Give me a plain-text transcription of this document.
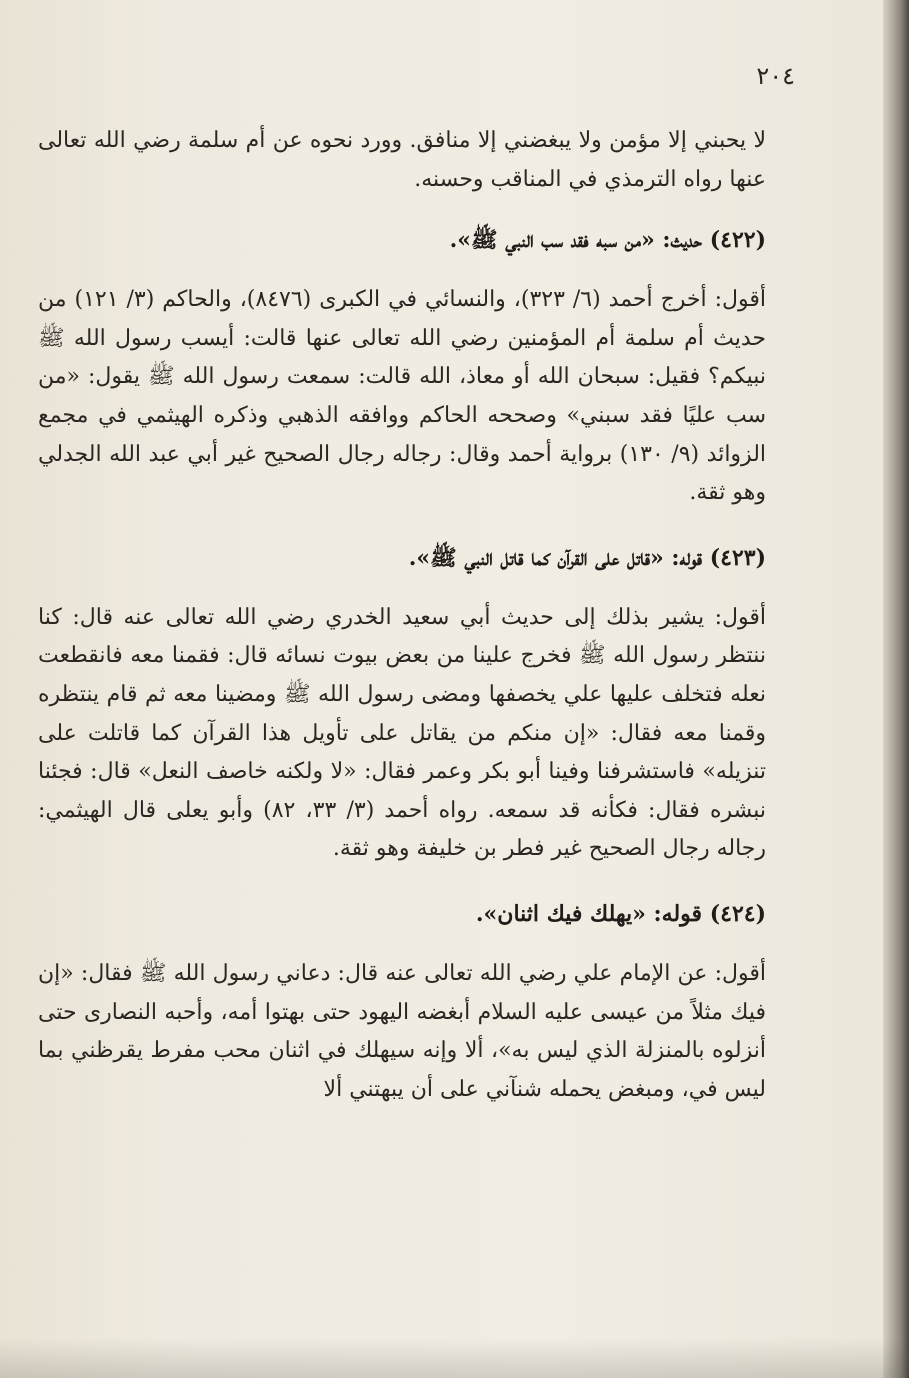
٢٠٤

لا يحبني إلا مؤمن ولا يبغضني إلا منافق. وورد نحوه عن أم سلمة رضي الله تعالى عنها رواه الترمذي في المناقب وحسنه.

(٤٢٢) حديث: «من سبه فقد سب النبي ﷺ».

أقول: أخرج أحمد (٦/ ٣٢٣)، والنسائي في الكبرى (٨٤٧٦)، والحاكم (٣/ ١٢١) من حديث أم سلمة أم المؤمنين رضي الله تعالى عنها قالت: أيسب رسول الله ﷺ نبيكم؟ فقيل: سبحان الله أو معاذ، الله قالت: سمعت رسول الله ﷺ يقول: «من سب عليًا فقد سبني» وصححه الحاكم ووافقه الذهبي وذكره الهيثمي في مجمع الزوائد (٩/ ١٣٠) برواية أحمد وقال: رجاله رجال الصحيح غير أبي عبد الله الجدلي وهو ثقة.

(٤٢٣) قوله: «قاتل على القرآن كما قاتل النبي ﷺ».

أقول: يشير بذلك إلى حديث أبي سعيد الخدري رضي الله تعالى عنه قال: كنا ننتظر رسول الله ﷺ فخرج علينا من بعض بيوت نسائه قال: فقمنا معه فانقطعت نعله فتخلف عليها علي يخصفها ومضى رسول الله ﷺ ومضينا معه ثم قام ينتظره وقمنا معه فقال: «إن منكم من يقاتل على تأويل هذا القرآن كما قاتلت على تنزيله» فاستشرفنا وفينا أبو بكر وعمر فقال: «لا ولكنه خاصف النعل» قال: فجئنا نبشره فقال: فكأنه قد سمعه. رواه أحمد (٣/ ٣٣، ٨٢) وأبو يعلى قال الهيثمي: رجاله رجال الصحيح غير فطر بن خليفة وهو ثقة.

(٤٢٤) قوله: «يهلك فيك اثنان».

أقول: عن الإمام علي رضي الله تعالى عنه قال: دعاني رسول الله ﷺ فقال: «إن فيك مثلاً من عيسى عليه السلام أبغضه اليهود حتى بهتوا أمه، وأحبه النصارى حتى أنزلوه بالمنزلة الذي ليس به»، ألا وإنه سيهلك في اثنان محب مفرط يقرظني بما ليس في، ومبغض يحمله شنآني على أن يبهتني ألا
